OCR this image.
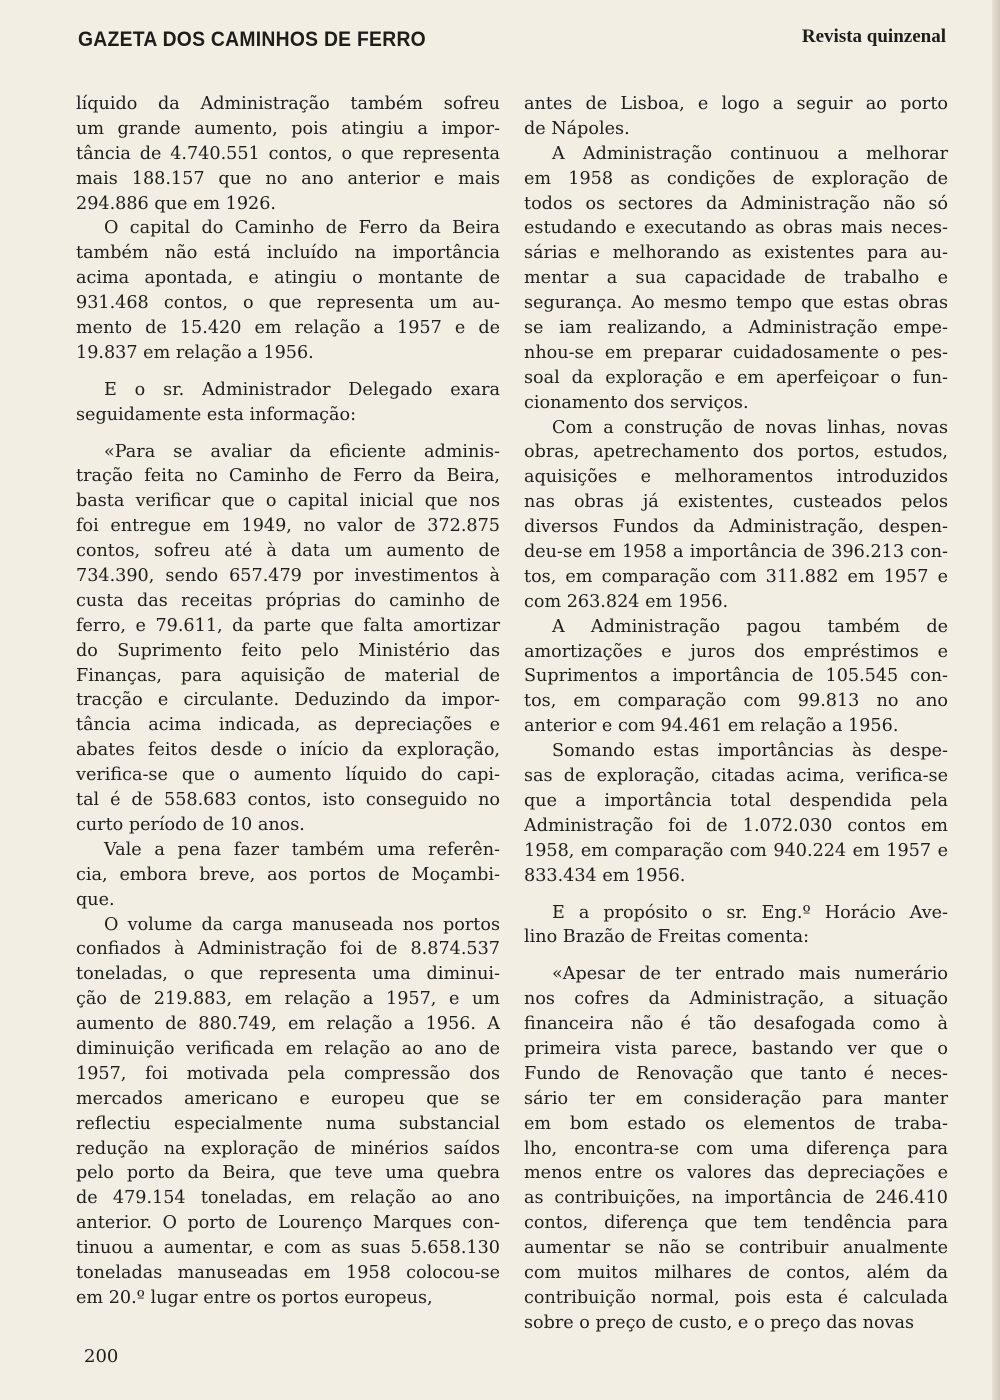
GAZETA DOS CAMINHOS DE FERRO	Revista quinzenal
líquido da Administração também sofreu
um grande aumento, pois atingiu a impor-
tância de 4.740.551 contos, o que representa
mais 188.157 que no ano anterior e mais
294.886 que em 1926.
O capital do Caminho de Ferro da Beira
também não está incluído na importância
acima apontada, e atingiu o montante de
931.468 contos, o que representa um au-
mento de 15.420 em relação a 1957 e de
19.837 em relação a 1956.
E o sr. Administrador Delegado exara
seguidamente esta informação:
«Para se avaliar da eficiente adminis-
tração feita no Caminho de Ferro da Beira,
basta verificar que o capital inicial que nos
foi entregue em 1949, no valor de 372.875
contos, sofreu até à data um aumento de
734.390, sendo 657.479 por investimentos à
custa das receitas próprias do caminho de
ferro, e 79.611, da parte que falta amortizar
do Suprimento feito pelo Ministério das
Finanças, para aquisição de material de
tracção e circulante. Deduzindo da impor-
tância acima indicada, as depreciações e
abates feitos desde o início da exploração,
verifica-se que o aumento líquido do capi-
tal é de 558.683 contos, isto conseguido no
curto período de 10 anos.
Vale a pena fazer também uma referên-
cia, embora breve, aos portos de Moçambi-
que.
O volume da carga manuseada nos portos
confiados à Administração foi de 8.874.537
toneladas, o que representa uma diminui-
ção de 219.883, em relação a 1957, e um
aumento de 880.749, em relação a 1956. A
diminuição verificada em relação ao ano de
1957, foi motivada pela compressão dos
mercados americano e europeu que se
reflectiu especialmente numa substancial
redução na exploração de minérios saídos
pelo porto da Beira, que teve uma quebra
de 479.154 toneladas, em relação ao ano
anterior. O porto de Lourenço Marques con-
tinuou a aumentar, e com as suas 5.658.130
toneladas manuseadas em 1958 colocou-se
em 20.º lugar entre os portos europeus,
antes de Lisboa, e logo a seguir ao porto
de Nápoles.
A Administração continuou a melhorar
em 1958 as condições de exploração de
todos os sectores da Administração não só
estudando e executando as obras mais neces-
sárias e melhorando as existentes para au-
mentar a sua capacidade de trabalho e
segurança. Ao mesmo tempo que estas obras
se iam realizando, a Administração empe-
nhou-se em preparar cuidadosamente o pes-
soal da exploração e em aperfeiçoar o fun-
cionamento dos serviços.
Com a construção de novas linhas, novas
obras, apetrechamento dos portos, estudos,
aquisições e melhoramentos introduzidos
nas obras já existentes, custeados pelos
diversos Fundos da Administração, despen-
deu-se em 1958 a importância de 396.213 con-
tos, em comparação com 311.882 em 1957 e
com 263.824 em 1956.
A Administração pagou também de
amortizações e juros dos empréstimos e
Suprimentos a importância de 105.545 con-
tos, em comparação com 99.813 no ano
anterior e com 94.461 em relação a 1956.
Somando estas importâncias às despe-
sas de exploração, citadas acima, verifica-se
que a importância total despendida pela
Administração foi de 1.072.030 contos em
1958, em comparação com 940.224 em 1957 e
833.434 em 1956.
E a propósito o sr. Eng.º Horácio Ave-
lino Brazão de Freitas comenta:
«Apesar de ter entrado mais numerário
nos cofres da Administração, a situação
financeira não é tão desafogada como à
primeira vista parece, bastando ver que o
Fundo de Renovação que tanto é neces-
sário ter em consideração para manter
em bom estado os elementos de traba-
lho, encontra-se com uma diferença para
menos entre os valores das depreciações e
as contribuições, na importância de 246.410
contos, diferença que tem tendência para
aumentar se não se contribuir anualmente
com muitos milhares de contos, além da
contribuição normal, pois esta é calculada
sobre o preço de custo, e o preço das novas
200
